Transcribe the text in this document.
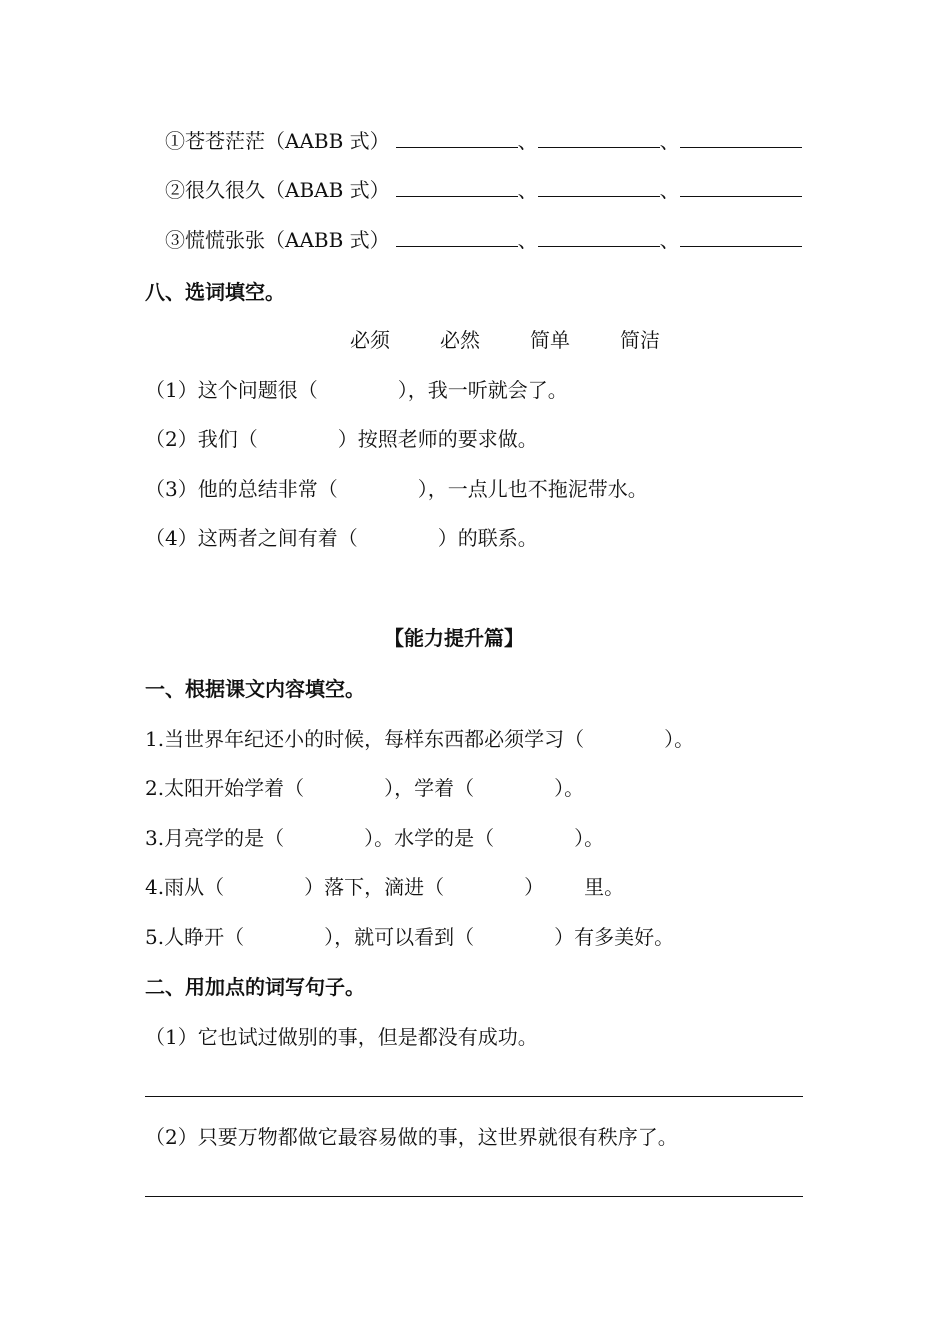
①苍苍茫茫（AABB 式）	、	、
②很久很久（ABAB 式）	、	、
③慌慌张张（AABB 式）	、	、
八、选词填空。
必须	必然	简单	简洁
（1）这个问题很（	），我一听就会了。
（2）我们（	）按照老师的要求做。
（3）他的总结非常（	），一点儿也不拖泥带水。
（4）这两者之间有着（	）的联系。
【能力提升篇】
一、根据课文内容填空。
1.当世界年纪还小的时候，每样东西都必须学习（	）。
2.太阳开始学着（	），学着（	）。
3.月亮学的是（	）。水学的是（	）。
4.雨从（	）落下，滴进（	） 里。
5.人睁开（	），就可以看到（	）有多美好。
二、用加点的词写句子。
（1）它也试过做别的事，但是都没有成功。
（2）只要万物都做它最容易做的事，这世界就很有秩序了。
